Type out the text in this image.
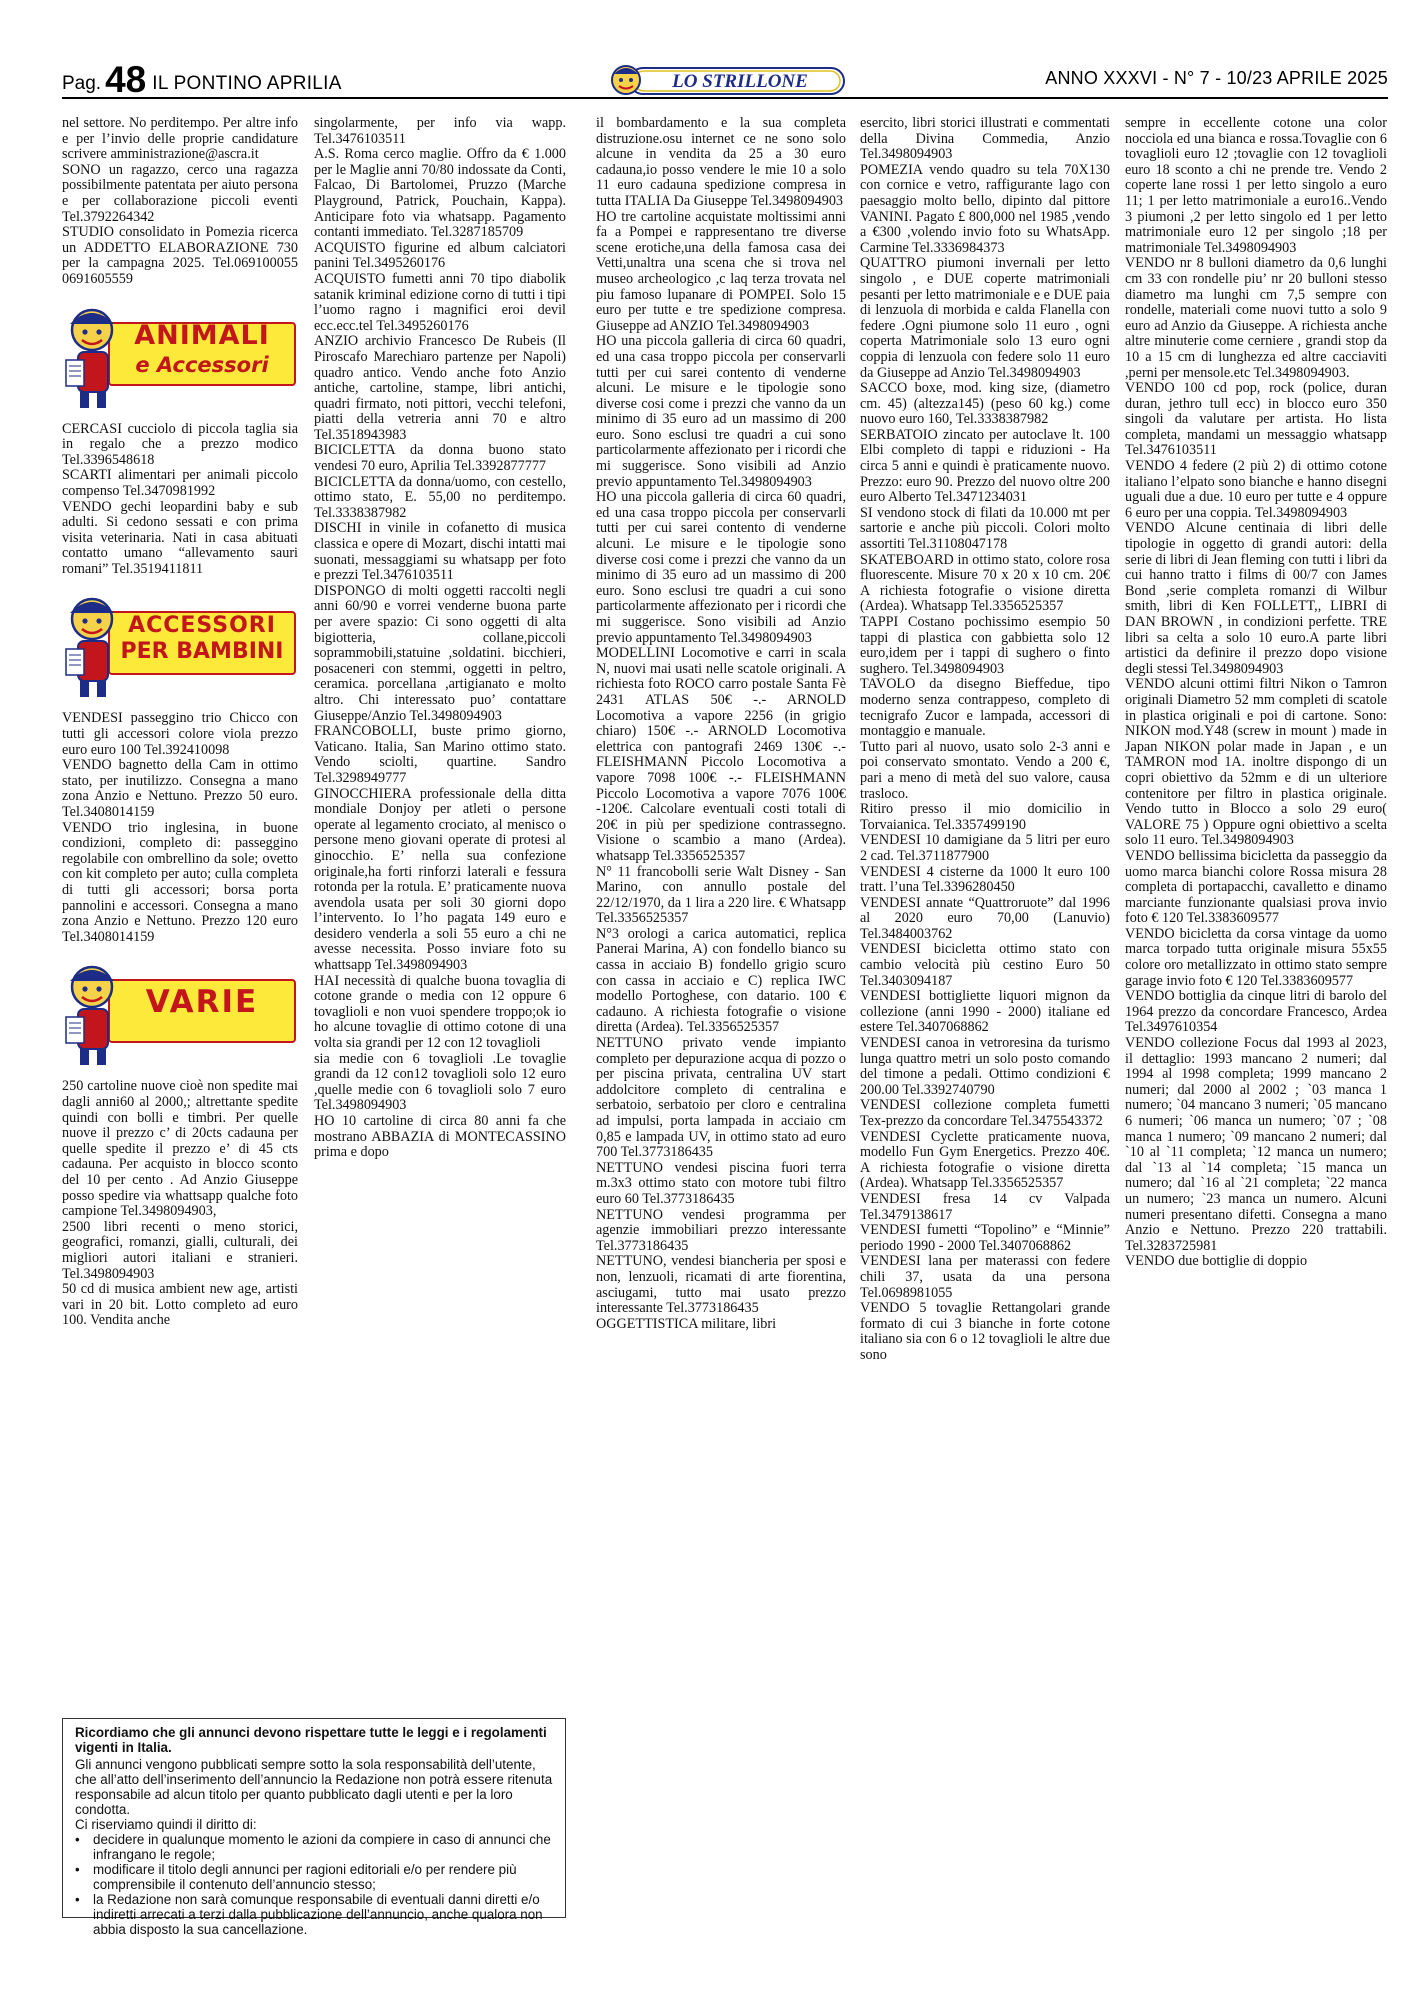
Pag. 48 IL PONTINO APRILIA	LO STRILLONE	ANNO XXXVI - N° 7 - 10/23 APRILE 2025

nel settore. No perditempo. Per altre info e per l’invio delle proprie candidature scrivere amministrazione@ascra.it

SONO un ragazzo, cerco una ragazza possibilmente patentata per aiuto persona e per collaborazione piccoli eventi Tel.3792264342

STUDIO consolidato in Pomezia ricerca un ADDETTO ELABORAZIONE 730 per la campagna 2025. Tel.069100055 0691605559

ANIMALI
e Accessori

CERCASI cucciolo di piccola taglia sia in regalo che a prezzo modico Tel.3396548618

SCARTI alimentari per animali piccolo compenso Tel.3470981992

VENDO gechi leopardini baby e sub adulti. Si cedono sessati e con prima visita veterinaria. Nati in casa abituati contatto umano “allevamento sauri romani” Tel.3519411811

ACCESSORI
PER BAMBINI

VENDESI passeggino trio Chicco con tutti gli accessori colore viola prezzo euro euro 100 Tel.392410098

VENDO bagnetto della Cam in ottimo stato, per inutilizzo. Consegna a mano zona Anzio e Nettuno. Prezzo 50 euro. Tel.3408014159

VENDO trio inglesina, in buone condizioni, completo di: passeggino regolabile con ombrellino da sole; ovetto con kit completo per auto; culla completa di tutti gli accessori; borsa porta pannolini e accessori. Consegna a mano zona Anzio e Nettuno. Prezzo 120 euro Tel.3408014159

VARIE

250 cartoline nuove cioè non spedite mai dagli anni60 al 2000,; altrettante spedite quindi con bolli e timbri. Per quelle nuove il prezzo c’ di 20cts cadauna per quelle spedite il prezzo e’ di 45 cts cadauna. Per acquisto in blocco sconto del 10 per cento . Ad Anzio Giuseppe posso spedire via whattsapp qualche foto campione Tel.3498094903,

2500 libri recenti o meno storici, geografici, romanzi, gialli, culturali, dei migliori autori italiani e stranieri. Tel.3498094903

50 cd di musica ambient new age, artisti vari in 20 bit. Lotto completo ad euro 100. Vendita anche

singolarmente, per info via wapp. Tel.3476103511

A.S. Roma cerco maglie. Offro da € 1.000 per le Maglie anni 70/80 indossate da Conti, Falcao, Di Bartolomei, Pruzzo (Marche Playground, Patrick, Pouchain, Kappa). Anticipare foto via whatsapp. Pagamento contanti immediato. Tel.3287185709

ACQUISTO figurine ed album calciatori panini Tel.3495260176

ACQUISTO fumetti anni 70 tipo diabolik satanik kriminal edizione corno di tutti i tipi l’uomo ragno i magnifici eroi devil ecc.ecc.tel Tel.3495260176

ANZIO archivio Francesco De Rubeis (Il Piroscafo Marechiaro partenze per Napoli) quadro antico. Vendo anche foto Anzio antiche, cartoline, stampe, libri antichi, quadri firmato, noti pittori, vecchi telefoni, piatti della vetreria anni 70 e altro Tel.3518943983

BICICLETTA da donna buono stato vendesi 70 euro, Aprilia Tel.3392877777

BICICLETTA da donna/uomo, con cestello, ottimo stato, E. 55,00 no perditempo. Tel.3338387982

DISCHI in vinile in cofanetto di musica classica e opere di Mozart, dischi intatti mai suonati, messaggiami su whatsapp per foto e prezzi Tel.3476103511

DISPONGO di molti oggetti raccolti negli anni 60/90 e vorrei venderne buona parte per avere spazio: Ci sono oggetti di alta bigiotteria, collane,piccoli soprammobili,statuine ,soldatini. bicchieri, posaceneri con stemmi, oggetti in peltro, ceramica. porcellana ,artigianato e molto altro. Chi interessato puo’ contattare Giuseppe/Anzio Tel.3498094903

FRANCOBOLLI, buste primo giorno, Vaticano. Italia, San Marino ottimo stato. Vendo sciolti, quartine. Sandro Tel.3298949777

GINOCCHIERA professionale della ditta mondiale Donjoy per atleti o persone operate al legamento crociato, al menisco o persone meno giovani operate di protesi al ginocchio. E’ nella sua confezione originale,ha forti rinforzi laterali e fessura rotonda per la rotula. E’ praticamente nuova avendola usata per soli 30 giorni dopo l’intervento. Io l’ho pagata 149 euro e desidero venderla a soli 55 euro a chi ne avesse necessita. Posso inviare foto su whattsapp Tel.3498094903

HAI necessità di qualche buona tovaglia di cotone grande o media con 12 oppure 6 tovaglioli e non vuoi spendere troppo;ok io ho alcune tovaglie di ottimo cotone di una volta sia grandi per 12 con 12 tovaglioli

sia medie con 6 tovaglioli .Le tovaglie grandi da 12 con12 tovaglioli solo 12 euro ,quelle medie con 6 tovaglioli solo 7 euro Tel.3498094903

HO 10 cartoline di circa 80 anni fa che mostrano ABBAZIA di MONTECASSINO prima e dopo

il bombardamento e la sua completa distruzione.osu internet ce ne sono solo alcune in vendita da 25 a 30 euro cadauna,io posso vendere le mie 10 a solo 11 euro cadauna spedizione compresa in tutta ITALIA Da Giuseppe Tel.3498094903

HO tre cartoline acquistate moltissimi anni fa a Pompei e rappresentano tre diverse scene erotiche,una della famosa casa dei Vetti,unaltra una scena che si trova nel museo archeologico ,c laq terza trovata nel piu famoso lupanare di POMPEI. Solo 15 euro per tutte e tre spedizione compresa. Giuseppe ad ANZIO Tel.3498094903

HO una piccola galleria di circa 60 quadri, ed una casa troppo piccola per conservarli tutti per cui sarei contento di venderne alcuni. Le misure e le tipologie sono diverse cosi come i prezzi che vanno da un minimo di 35 euro ad un massimo di 200 euro. Sono esclusi tre quadri a cui sono particolarmente affezionato per i ricordi che mi suggerisce. Sono visibili ad Anzio previo appuntamento Tel.3498094903

HO una piccola galleria di circa 60 quadri, ed una casa troppo piccola per conservarli tutti per cui sarei contento di venderne alcuni. Le misure e le tipologie sono diverse cosi come i prezzi che vanno da un minimo di 35 euro ad un massimo di 200 euro. Sono esclusi tre quadri a cui sono particolarmente affezionato per i ricordi che mi suggerisce. Sono visibili ad Anzio previo appuntamento Tel.3498094903

MODELLINI Locomotive e carri in scala N, nuovi mai usati nelle scatole originali. A richiesta foto ROCO carro postale Santa Fè 2431 ATLAS 50€ -.- ARNOLD Locomotiva a vapore 2256 (in grigio chiaro) 150€ -.- ARNOLD Locomotiva elettrica con pantografi 2469 130€ -.- FLEISHMANN Piccolo Locomotiva a vapore 7098 100€ -.- FLEISHMANN Piccolo Locomotiva a vapore 7076 100€ -120€. Calcolare eventuali costi totali di 20€ in più per spedizione contrassegno. Visione o scambio a mano (Ardea). whatsapp Tel.3356525357

N° 11 francobolli serie Walt Disney - San Marino, con annullo postale del 22/12/1970, da 1 lira a 220 lire. € Whatsapp Tel.3356525357

N°3 orologi a carica automatici, replica Panerai Marina, A) con fondello bianco su cassa in acciaio B) fondello grigio scuro con cassa in acciaio e C) replica IWC modello Portoghese, con datario. 100 € cadauno. A richiesta fotografie o visione diretta (Ardea). Tel.3356525357

NETTUNO privato vende impianto completo per depurazione acqua di pozzo o per piscina privata, centralina UV start addolcitore completo di centralina e serbatoio, serbatoio per cloro e centralina ad impulsi, porta lampada in acciaio cm 0,85 e lampada UV, in ottimo stato ad euro 700 Tel.3773186435

NETTUNO vendesi piscina fuori terra m.3x3 ottimo stato con motore tubi filtro euro 60 Tel.3773186435

NETTUNO vendesi programma per agenzie immobiliari prezzo interessante Tel.3773186435

NETTUNO, vendesi biancheria per sposi e non, lenzuoli, ricamati di arte fiorentina, asciugami, tutto mai usato prezzo interessante Tel.3773186435

OGGETTISTICA militare, libri

esercito, libri storici illustrati e commentati della Divina Commedia, Anzio Tel.3498094903

POMEZIA vendo quadro su tela 70X130 con cornice e vetro, raffigurante lago con paesaggio molto bello, dipinto dal pittore VANINI. Pagato £ 800,000 nel 1985 ,vendo a €300 ,volendo invio foto su WhatsApp. Carmine Tel.3336984373

QUATTRO piumoni invernali per letto singolo , e DUE coperte matrimoniali pesanti per letto matrimoniale e e DUE paia di lenzuola di morbida e calda Flanella con federe .Ogni piumone solo 11 euro , ogni coperta Matrimoniale solo 13 euro ogni coppia di lenzuola con federe solo 11 euro da Giuseppe ad Anzio Tel.3498094903

SACCO boxe, mod. king size, (diametro cm. 45) (altezza145) (peso 60 kg.) come nuovo euro 160, Tel.3338387982

SERBATOIO zincato per autoclave lt. 100 Elbi completo di tappi e riduzioni - Ha circa 5 anni e quindi è praticamente nuovo. Prezzo: euro 90. Prezzo del nuovo oltre 200 euro Alberto Tel.3471234031

SI vendono stock di filati da 10.000 mt per sartorie e anche più piccoli. Colori molto assortiti Tel.3110804717​8

SKATEBOARD in ottimo stato, colore rosa fluorescente. Misure 70 x 20 x 10 cm. 20€ A richiesta fotografie o visione diretta (Ardea). Whatsapp Tel.3356525357

TAPPI Costano pochissimo esempio 50 tappi di plastica con gabbietta solo 12 euro,idem per i tappi di sughero o finto sughero. Tel.3498094903

TAVOLO da disegno Bieffedue, tipo moderno senza contrappeso, completo di tecnigrafo Zucor e lampada, accessori di montaggio e manuale.

Tutto pari al nuovo, usato solo 2-3 anni e poi conservato smontato. Vendo a 200 €, pari a meno di metà del suo valore, causa trasloco.

Ritiro presso il mio domicilio in Torvaianica. Tel.3357499190

VENDESI 10 damigiane da 5 litri per euro 2 cad. Tel.3711877900

VENDESI 4 cisterne da 1000 lt euro 100 tratt. l’una Tel.3396280450

VENDESI annate “Quattroruote” dal 1996 al 2020 euro 70,00 (Lanuvio) Tel.3484003762

VENDESI bicicletta ottimo stato con cambio velocità più cestino Euro 50 Tel.3403094187

VENDESI bottigliette liquori mignon da collezione (anni 1990 - 2000) italiane ed estere Tel.3407068862

VENDESI canoa in vetroresina da turismo lunga quattro metri un solo posto comando del timone a pedali. Ottimo condizioni € 200.00 Tel.3392740790

VENDESI collezione completa fumetti Tex-prezzo da concordare Tel.3475543372

VENDESI Cyclette praticamente nuova, modello Fun Gym Energetics. Prezzo 40€. A richiesta fotografie o visione diretta (Ardea). Whatsapp Tel.3356525357

VENDESI fresa 14 cv Valpada Tel.3479138617

VENDESI fumetti “Topolino” e “Minnie” periodo 1990 - 2000 Tel.3407068862

VENDESI lana per materassi con federe chili 37, usata da una persona Tel.0698981055

VENDO 5 tovaglie Rettangolari grande formato di cui 3 bianche in forte cotone italiano sia con 6 o 12 tovaglioli le altre due sono

sempre in eccellente cotone una color nocciola ed una bianca e rossa.Tovaglie con 6 tovaglioli euro 12 ;tovaglie con 12 tovaglioli euro 18 sconto a chi ne prende tre. Vendo 2 coperte lane rossi 1 per letto singolo a euro 11; 1 per letto matrimoniale a euro16..Vendo 3 piumoni ,2 per letto singolo ed 1 per letto matrimoniale euro 12 per singolo ;18 per matrimoniale Tel.3498094903

VENDO nr 8 bulloni diametro da 0,6 lunghi cm 33 con rondelle piu’ nr 20 bulloni stesso diametro ma lunghi cm 7,5 sempre con rondelle, materiali come nuovi tutto a solo 9 euro ad Anzio da Giuseppe. A richiesta anche altre minuterie come cerniere , grandi stop da 10 a 15 cm di lunghezza ed altre cacciaviti ,perni per mensole.etc Tel.3498094903.

VENDO 100 cd pop, rock (police, duran duran, jethro tull ecc) in blocco euro 350 singoli da valutare per artista. Ho lista completa, mandami un messaggio whatsapp Tel.3476103511

VENDO 4 federe (2 più 2) di ottimo cotone italiano l’elpato sono bianche e hanno disegni uguali due a due. 10 euro per tutte e 4 oppure 6 euro per una coppia. Tel.3498094903

VENDO Alcune centinaia di libri delle tipologie in oggetto di grandi autori: della serie di libri di Jean fleming con tutti i libri da cui hanno tratto i films di 00/7 con James Bond ,serie completa romanzi di Wilbur smith, libri di Ken FOLLETT,, LIBRI di DAN BROWN , in condizioni perfette. TRE libri sa celta a solo 10 euro.A parte libri artistici da definire il prezzo dopo visione degli stessi Tel.3498094903

VENDO alcuni ottimi filtri Nikon o Tamron originali Diametro 52 mm completi di scatole in plastica originali e poi di cartone. Sono: NIKON mod.Y48 (screw in mount ) made in Japan NIKON polar made in Japan , e un TAMRON mod 1A. inoltre dispongo di un copri obiettivo da 52mm e di un ulteriore contenitore per filtro in plastica originale. Vendo tutto in Blocco a solo 29 euro( VALORE 75 ) Oppure ogni obiettivo a scelta solo 11 euro. Tel.3498094903

VENDO bellissima bicicletta da passeggio da uomo marca bianchi colore Rossa misura 28 completa di portapacchi, cavalletto e dinamo marciante funzionante qualsiasi prova invio foto € 120 Tel.3383609577

VENDO bicicletta da corsa vintage da uomo marca torpado tutta originale misura 55x55 colore oro metallizzato in ottimo stato sempre garage invio foto € 120 Tel.3383609577

VENDO bottiglia da cinque litri di barolo del 1964 prezzo da concordare Francesco, Ardea Tel.3497610354

VENDO collezione Focus dal 1993 al 2023, il dettaglio: 1993 mancano 2 numeri; dal 1994 al 1998 completa; 1999 mancano 2 numeri; dal 2000 al 2002 ; `03 manca 1 numero; `04 mancano 3 numeri; `05 mancano 6 numeri; `06 manca un numero; `07 ; `08 manca 1 numero; `09 mancano 2 numeri; dal `10 al `11 completa; `12 manca un numero; dal `13 al `14 completa; `15 manca un numero; dal `16 al `21 completa; `22 manca un numero; `23 manca un numero. Alcuni numeri presentano difetti. Consegna a mano Anzio e Nettuno. Prezzo 220 trattabili. Tel.3283725981

VENDO due bottiglie di doppio

Ricordiamo che gli annunci devono rispettare tutte le leggi e i regolamenti vigenti in Italia.

Gli annunci vengono pubblicati sempre sotto la sola responsabilità dell’utente, che all’atto dell’inserimento dell’annuncio la Redazione non potrà essere ritenuta responsabile ad alcun titolo per quanto pubblicato dagli utenti e per la loro condotta.

Ci riserviamo quindi il diritto di:

• decidere in qualunque momento le azioni da compiere in caso di annunci che infrangano le regole;
• modificare il titolo degli annunci per ragioni editoriali e/o per rendere più comprensibile il contenuto dell’annuncio stesso;
• la Redazione non sarà comunque responsabile di eventuali danni diretti e/o indiretti arrecati a terzi dalla pubblicazione dell’annuncio, anche qualora non abbia disposto la sua cancellazione.
